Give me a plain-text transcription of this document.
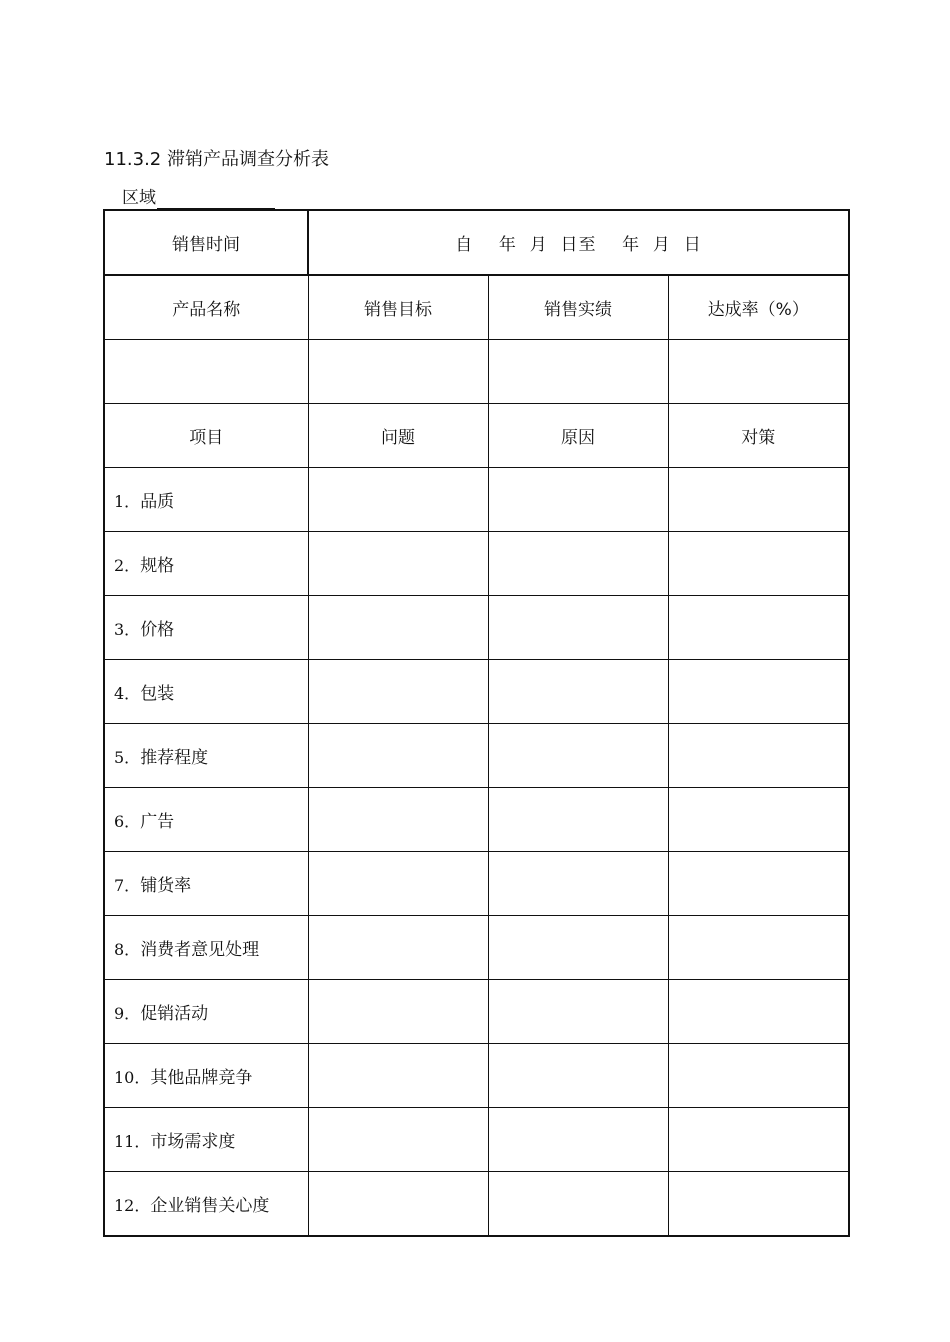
11.3.2 滞销产品调查分析表
区域
销售时间	自    年  月  日至    年  月  日		
产品名称	销售目标	销售实绩	达成率（%）

项目	问题	原因	对策
1．品质			
2．规格			
3．价格			
4．包装			
5．推荐程度			
6．广告			
7．铺货率			
8．消费者意见处理			
9．促销活动			
10．其他品牌竞争			
11．市场需求度			
12．企业销售关心度			
